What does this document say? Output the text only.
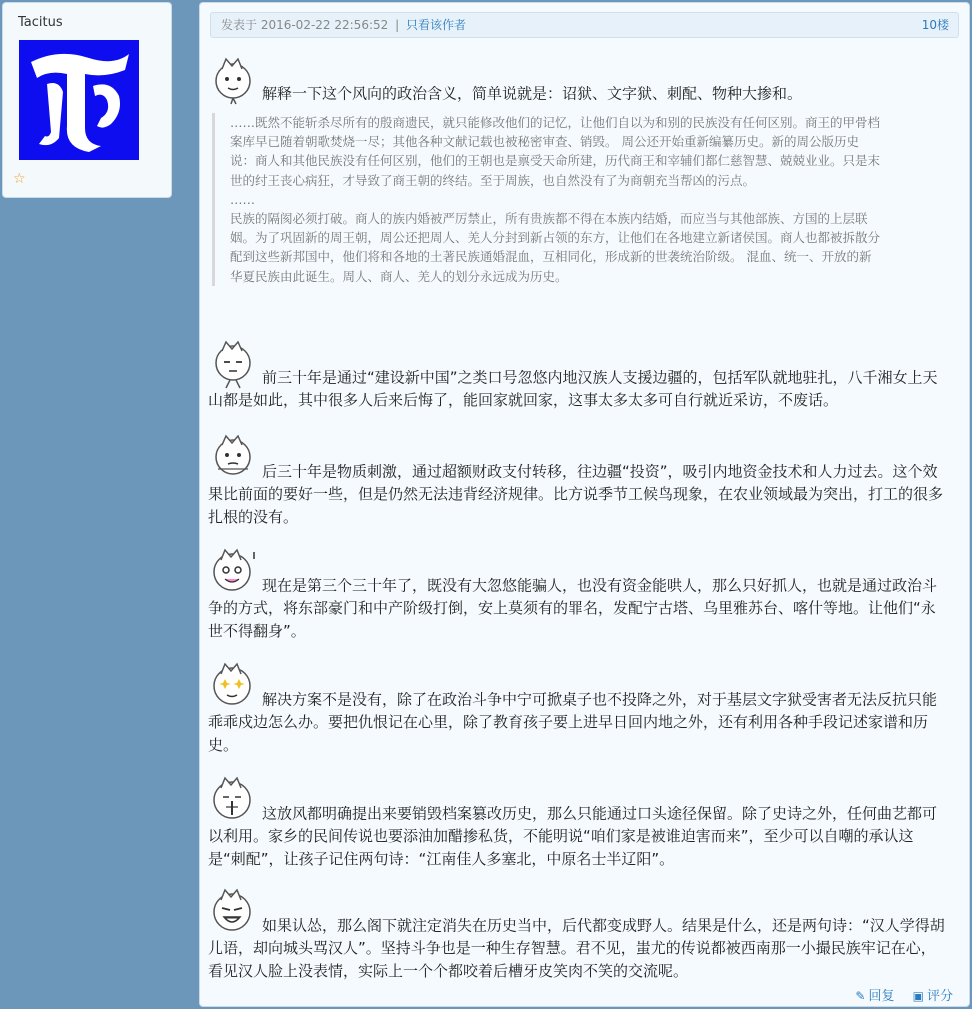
Tacitus
☆
发表于 2016-02-22 22:56:52 | 只看该作者	10楼
解释一下这个风向的政治含义，简单说就是：诏狱、文字狱、刺配、物种大掺和。
……既然不能斩杀尽所有的殷商遗民，就只能修改他们的记忆，让他们自以为和别的民族没有任何区别。商王的甲骨档
案库早已随着朝歌焚烧一尽；其他各种文献记载也被秘密审查、销毁。 周公还开始重新编纂历史。新的周公版历史
说：商人和其他民族没有任何区别，他们的王朝也是禀受天命所建，历代商王和宰辅们都仁慈智慧、兢兢业业。只是末
世的纣王丧心病狂，才导致了商王朝的终结。至于周族，也自然没有了为商朝充当帮凶的污点。
……
民族的隔阂必须打破。商人的族内婚被严厉禁止，所有贵族都不得在本族内结婚，而应当与其他部族、方国的上层联
姻。为了巩固新的周王朝，周公还把周人、羌人分封到新占领的东方，让他们在各地建立新诸侯国。商人也都被拆散分
配到这些新邦国中，他们将和各地的土著民族通婚混血，互相同化，形成新的世袭统治阶级。 混血、统一、开放的新
华夏民族由此诞生。周人、商人、羌人的划分永远成为历史。
前三十年是通过“建设新中国”之类口号忽悠内地汉族人支援边疆的，包括军队就地驻扎，八千湘女上天山都是如此，其中很多人后来后悔了，能回家就回家，这事太多太多可自行就近采访，不废话。
后三十年是物质刺激，通过超额财政支付转移，往边疆“投资”，吸引内地资金技术和人力过去。这个效果比前面的要好一些，但是仍然无法违背经济规律。比方说季节工候鸟现象，在农业领域最为突出，打工的很多扎根的没有。
现在是第三个三十年了，既没有大忽悠能骗人，也没有资金能哄人，那么只好抓人，也就是通过政治斗争的方式，将东部豪门和中产阶级打倒，安上莫须有的罪名，发配宁古塔、乌里雅苏台、喀什等地。让他们“永世不得翻身”。
解决方案不是没有，除了在政治斗争中宁可掀桌子也不投降之外，对于基层文字狱受害者无法反抗只能乖乖戍边怎么办。要把仇恨记在心里，除了教育孩子要上进早日回内地之外，还有利用各种手段记述家谱和历史。
这放风都明确提出来要销毁档案篡改历史，那么只能通过口头途径保留。除了史诗之外，任何曲艺都可以利用。家乡的民间传说也要添油加醋掺私货，不能明说“咱们家是被谁迫害而来”，至少可以自嘲的承认这是“刺配”，让孩子记住两句诗：“江南佳人多塞北，中原名士半辽阳”。
如果认怂，那么阁下就注定消失在历史当中，后代都变成野人。结果是什么，还是两句诗：“汉人学得胡儿语，却向城头骂汉人”。坚持斗争也是一种生存智慧。君不见，蚩尤的传说都被西南那一小撮民族牢记在心，看见汉人脸上没表情，实际上一个个都咬着后槽牙皮笑肉不笑的交流呢。
✎ 回复 ▣ 评分
